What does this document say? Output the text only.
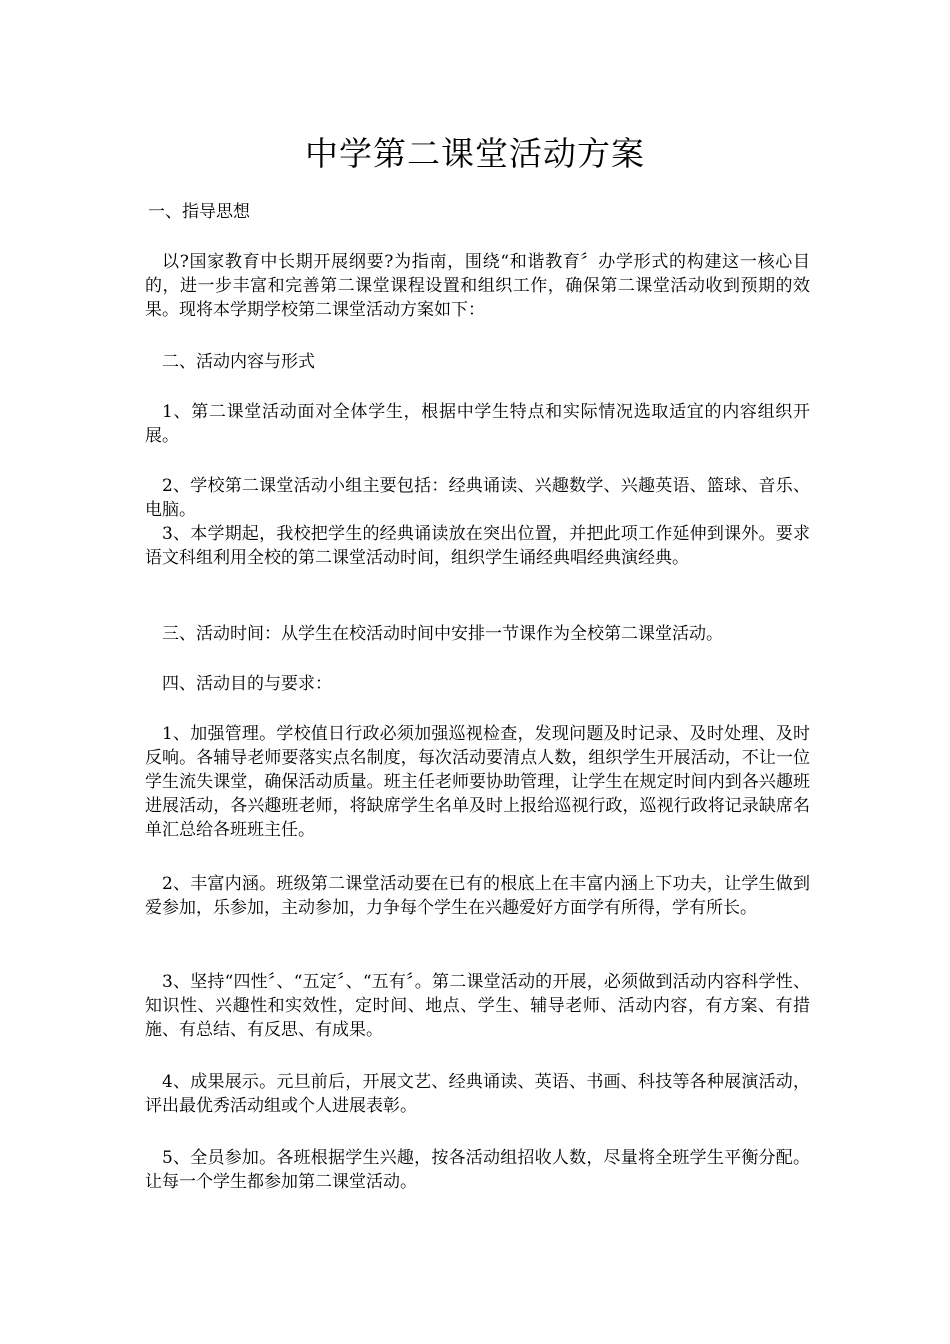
中学第二课堂活动方案

一、指导思想

以?国家教育中长期开展纲要?为指南，围绕“和谐教育〞办学形式的构建这一核心目的，进一步丰富和完善第二课堂课程设置和组织工作，确保第二课堂活动收到预期的效果。现将本学期学校第二课堂活动方案如下：

二、活动内容与形式

1、第二课堂活动面对全体学生，根据中学生特点和实际情况选取适宜的内容组织开展。

2、学校第二课堂活动小组主要包括：经典诵读、兴趣数学、兴趣英语、篮球、音乐、电脑。

3、本学期起，我校把学生的经典诵读放在突出位置，并把此项工作延伸到课外。要求语文科组利用全校的第二课堂活动时间，组织学生诵经典唱经典演经典。

三、活动时间：从学生在校活动时间中安排一节课作为全校第二课堂活动。

四、活动目的与要求：

1、加强管理。学校值日行政必须加强巡视检查，发现问题及时记录、及时处理、及时反响。各辅导老师要落实点名制度，每次活动要清点人数，组织学生开展活动，不让一位学生流失课堂，确保活动质量。班主任老师要协助管理，让学生在规定时间内到各兴趣班进展活动，各兴趣班老师，将缺席学生名单及时上报给巡视行政，巡视行政将记录缺席名单汇总给各班班主任。

2、丰富内涵。班级第二课堂活动要在已有的根底上在丰富内涵上下功夫，让学生做到爱参加，乐参加，主动参加，力争每个学生在兴趣爱好方面学有所得，学有所长。

3、坚持“四性〞、“五定〞、“五有〞。第二课堂活动的开展，必须做到活动内容科学性、知识性、兴趣性和实效性，定时间、地点、学生、辅导老师、活动内容，有方案、有措施、有总结、有反思、有成果。

4、成果展示。元旦前后，开展文艺、经典诵读、英语、书画、科技等各种展演活动，评出最优秀活动组或个人进展表彰。

5、全员参加。各班根据学生兴趣，按各活动组招收人数，尽量将全班学生平衡分配。让每一个学生都参加第二课堂活动。
